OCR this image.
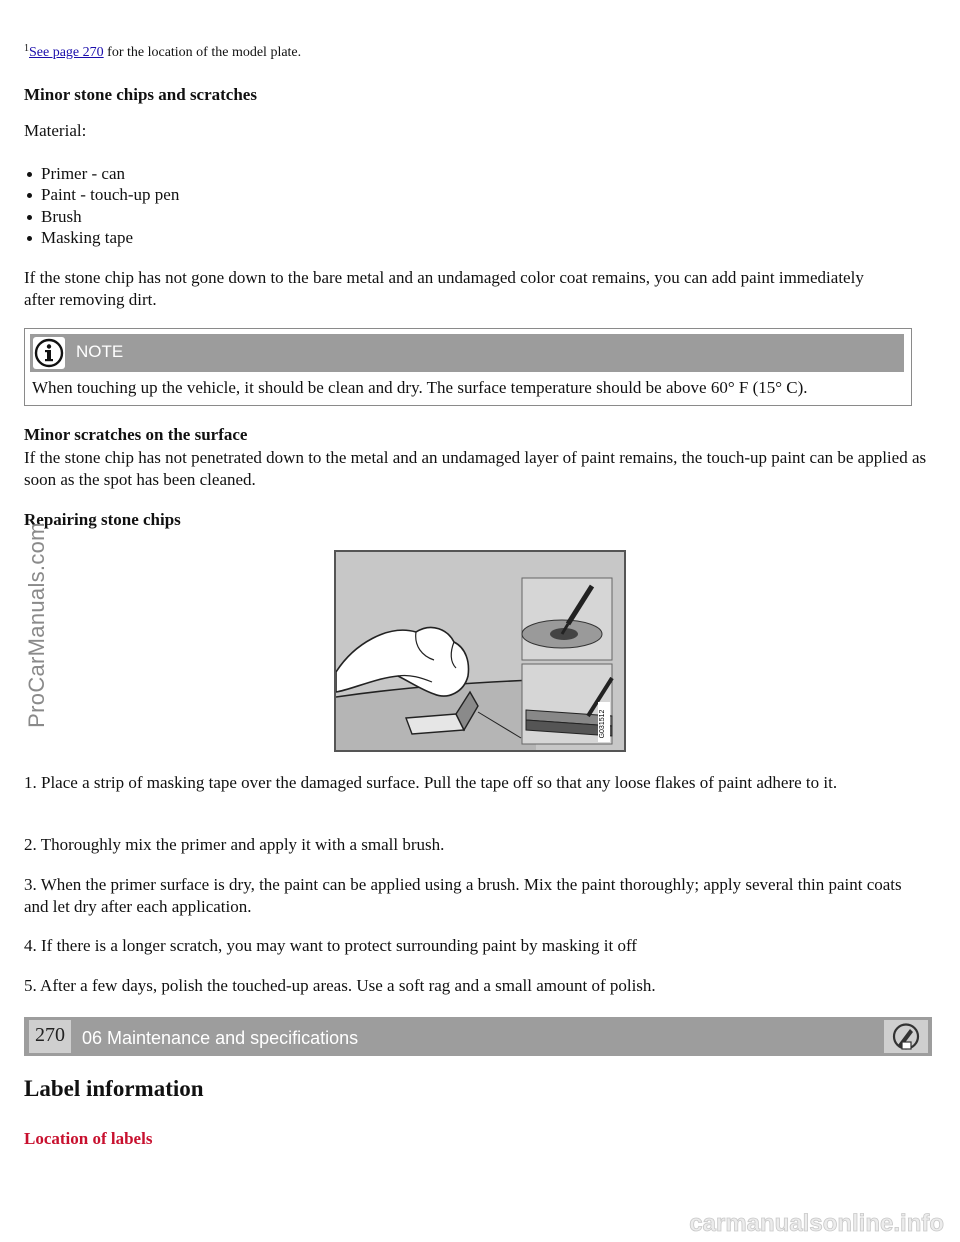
$^1$See page 270 for the location of the model plate.
Minor stone chips and scratches
Material:
Primer - can
Paint - touch-up pen
Brush
Masking tape

If the stone chip has not gone down to the bare metal and an undamaged color coat remains, you can add paint immediately after removing dirt.

NOTE
When touching up the vehicle, it should be clean and dry. The surface temperature should be above 60° F (15° C).
Minor scratches on the surface

If the stone chip has not penetrated down to the metal and an undamaged layer of paint remains, the touch-up paint can be applied as soon as the spot has been cleaned.

Repairing stone chips
G031512

1. Place a strip of masking tape over the damaged surface. Pull the tape off so that any loose flakes of paint adhere to it.

2. Thoroughly mix the primer and apply it with a small brush.

3. When the primer surface is dry, the paint can be applied using a brush. Mix the paint thoroughly; apply several thin paint coats and let dry after each application.

4. If there is a longer scratch, you may want to protect surrounding paint by masking it off

5. After a few days, polish the touched-up areas. Use a soft rag and a small amount of polish.

270 06 Maintenance and specifications
Label information
Location of labels
ProCarManuals.com
carmanualsonline.info
